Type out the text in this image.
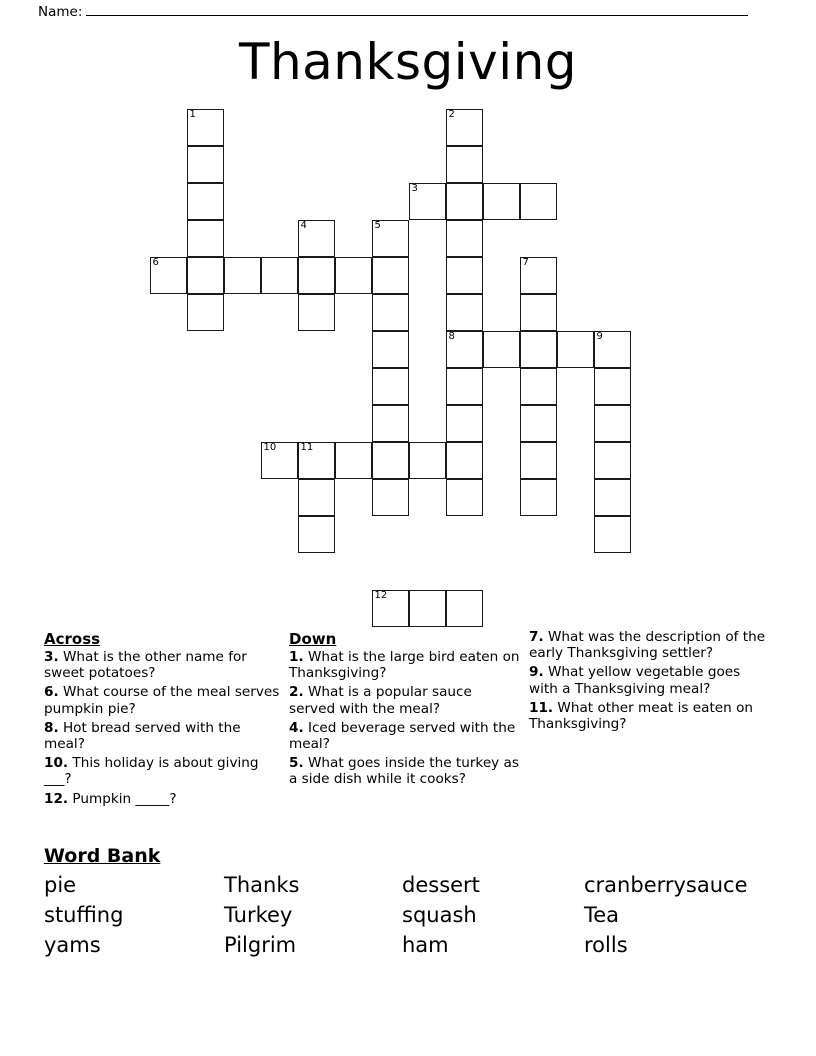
Name:
Thanksgiving
1	2
8
3
4	5
6	7
9
10 11
12
Across
3. What is the other name for sweet potatoes?
6. What course of the meal serves pumpkin pie?
8. Hot bread served with the meal?
10. This holiday is about giving ___?
12. Pumpkin _____?
Down
1. What is the large bird eaten on Thanksgiving?
2. What is a popular sauce served with the meal?
4. Iced beverage served with the meal?
5. What goes inside the turkey as a side dish while it cooks?
7. What was the description of the early Thanksgiving settler?
9. What yellow vegetable goes with a Thanksgiving meal?
11. What other meat is eaten on Thanksgiving?
Word Bank
pie	Thanks	dessert	cranberrysauce
stuffing	Turkey	squash	Tea
yams	Pilgrim	ham	rolls
